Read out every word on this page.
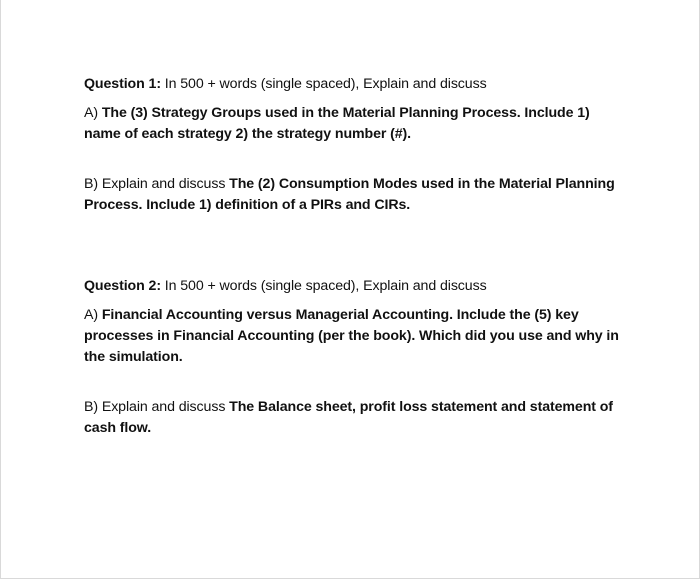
Question 1: In 500 + words (single spaced), Explain and discuss

A) The (3) Strategy Groups used in the Material Planning Process. Include 1) name of each strategy 2) the strategy number (#).

B) Explain and discuss The (2) Consumption Modes used in the Material Planning Process. Include 1) definition of a PIRs and CIRs.

Question 2: In 500 + words (single spaced), Explain and discuss

A) Financial Accounting versus Managerial Accounting. Include the (5) key processes in Financial Accounting (per the book). Which did you use and why in the simulation.

B) Explain and discuss The Balance sheet, profit loss statement and statement of cash flow.
